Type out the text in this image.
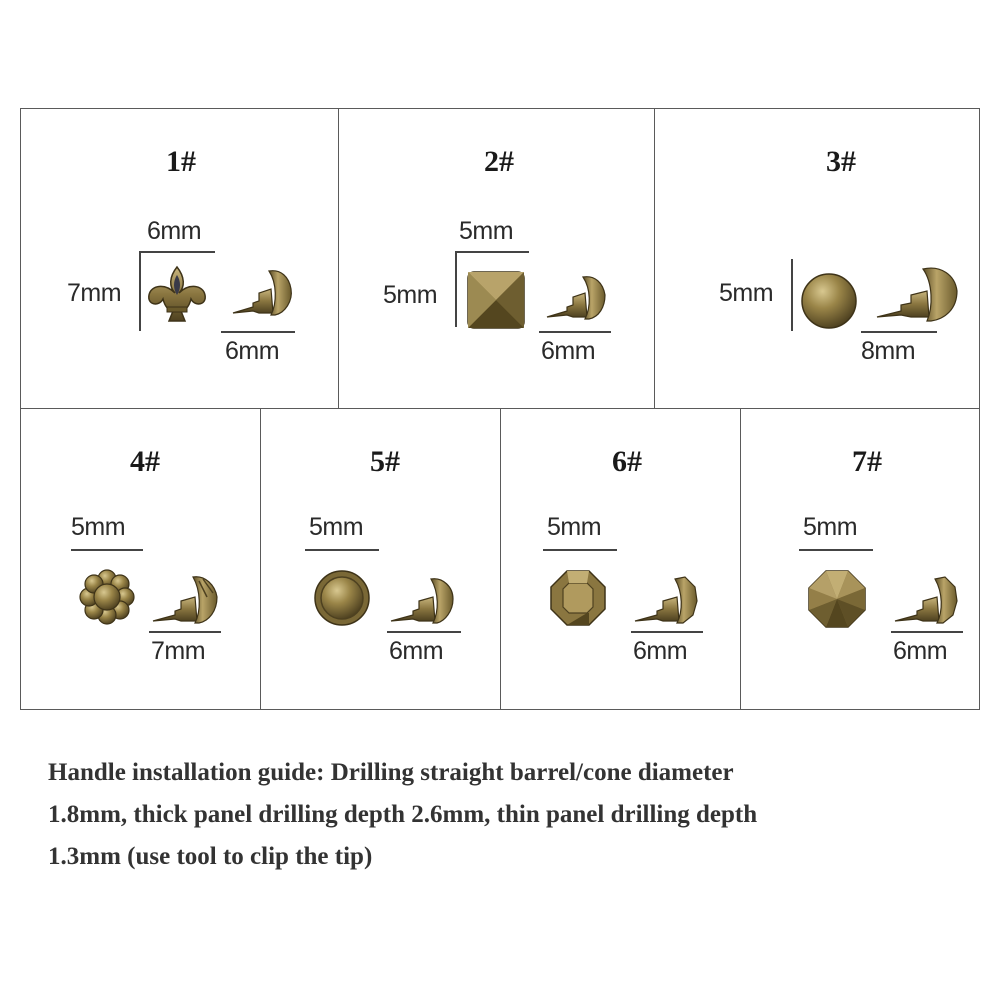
1#
6mm
7mm
6mm
2#
5mm
5mm
6mm
3#
5mm
8mm
4#
5mm
7mm
5#
5mm
6mm
6#
5mm
6mm
7#
5mm
6mm
Handle installation guide: Drilling straight barrel/cone diameter
1.8mm, thick panel drilling depth 2.6mm, thin panel drilling depth
1.3mm (use tool to clip the tip)
